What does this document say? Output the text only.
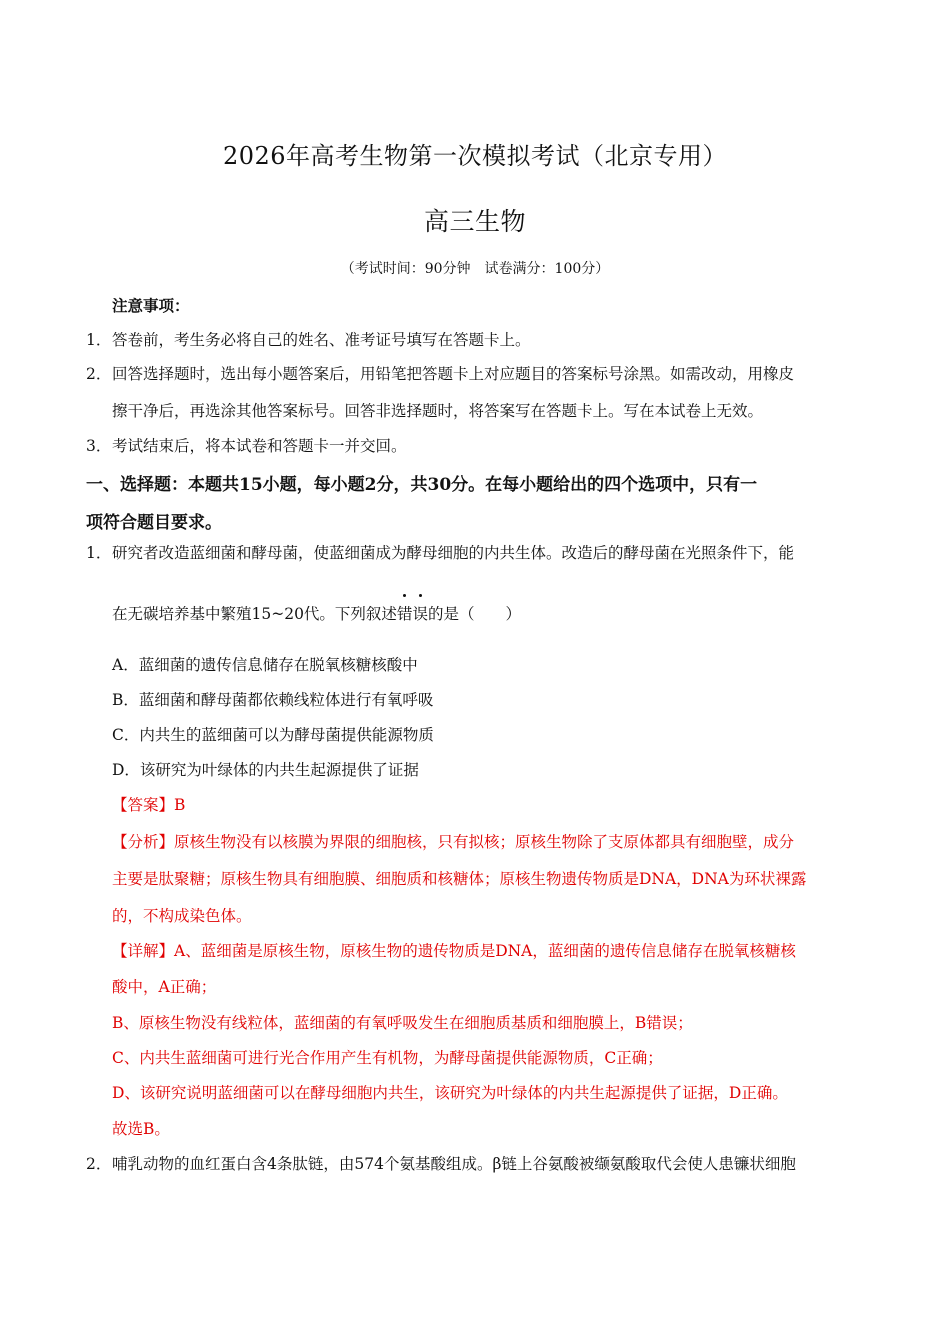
2026年高考生物第一次模拟考试（北京专用）
高三生物
（考试时间：90分钟　试卷满分：100分）
注意事项：
1．答卷前，考生务必将自己的姓名、准考证号填写在答题卡上。
2．回答选择题时，选出每小题答案后，用铅笔把答题卡上对应题目的答案标号涂黑。如需改动，用橡皮
擦干净后，再选涂其他答案标号。回答非选择题时，将答案写在答题卡上。写在本试卷上无效。
3．考试结束后，将本试卷和答题卡一并交回。
一、选择题：本题共15小题，每小题2分，共30分。在每小题给出的四个选项中，只有一
项符合题目要求。
1．研究者改造蓝细菌和酵母菌，使蓝细菌成为酵母细胞的内共生体。改造后的酵母菌在光照条件下，能
在无碳培养基中繁殖15~20代。下列叙述错误的是（　　）
A．蓝细菌的遗传信息储存在脱氧核糖核酸中
B．蓝细菌和酵母菌都依赖线粒体进行有氧呼吸
C．内共生的蓝细菌可以为酵母菌提供能源物质
D．该研究为叶绿体的内共生起源提供了证据
【答案】B
【分析】原核生物没有以核膜为界限的细胞核，只有拟核；原核生物除了支原体都具有细胞壁，成分
主要是肽聚糖；原核生物具有细胞膜、细胞质和核糖体；原核生物遗传物质是DNA，DNA为环状裸露
的，不构成染色体。
【详解】A、蓝细菌是原核生物，原核生物的遗传物质是DNA，蓝细菌的遗传信息储存在脱氧核糖核
酸中，A正确；
B、原核生物没有线粒体，蓝细菌的有氧呼吸发生在细胞质基质和细胞膜上，B错误；
C、内共生蓝细菌可进行光合作用产生有机物，为酵母菌提供能源物质，C正确；
D、该研究说明蓝细菌可以在酵母细胞内共生，该研究为叶绿体的内共生起源提供了证据，D正确。
故选B。
2．哺乳动物的血红蛋白含4条肽链，由574个氨基酸组成。β链上谷氨酸被缬氨酸取代会使人患镰状细胞
